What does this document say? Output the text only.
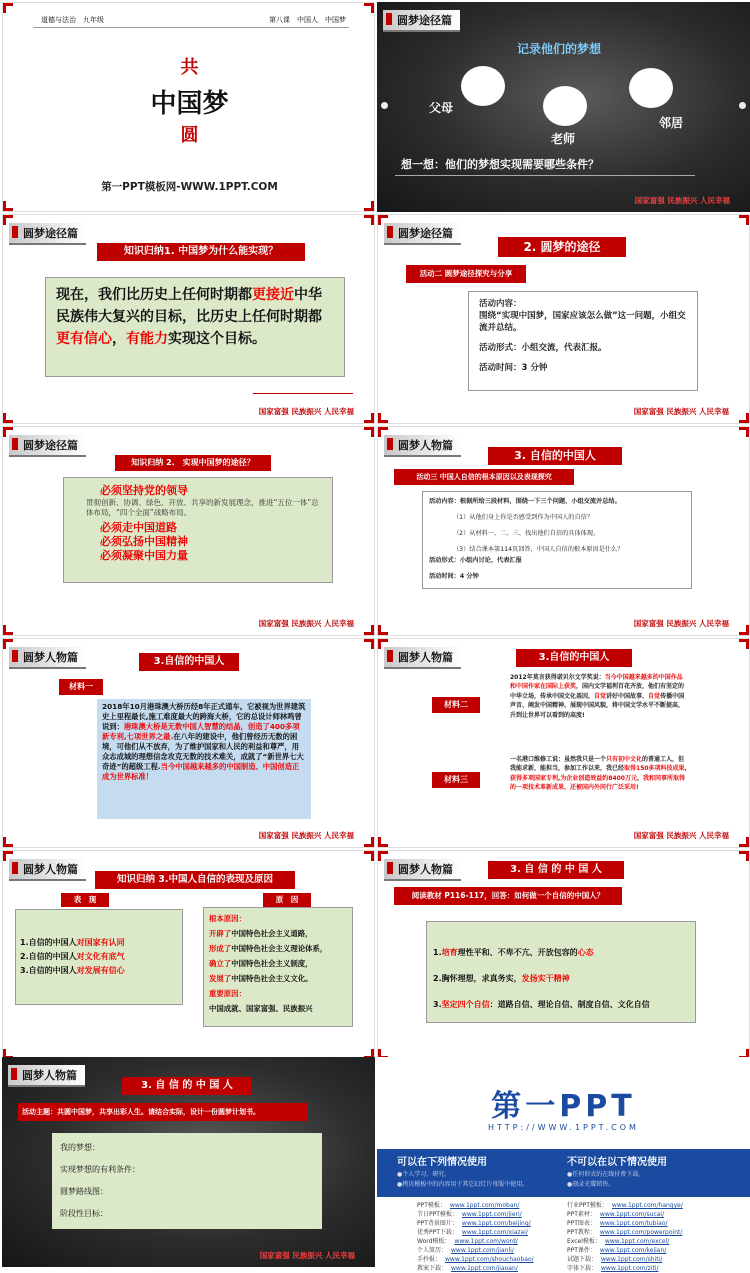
道德与法治　九年级	第八课　中国人　中国梦
共
中国梦
圆
第一PPT模板网-WWW.1PPT.COM
圆梦途径篇
记录他们的梦想
父母
老师
邻居
想一想：他们的梦想实现需要哪些条件？
国家富强 民族振兴 人民幸福
圆梦途径篇
知识归纳1. 中国梦为什么能实现？
现在，我们比历史上任何时期都更接近中华民族伟大复兴的目标，比历史上任何时期都更有信心，有能力实现这个目标。
国家富强 民族振兴 人民幸福
圆梦途径篇
2. 圆梦的途径
活动二 圆梦途径探究与分享
活动内容：
围绕“实现中国梦，国家应该怎么做”这一问题，小组交流并总结。
活动形式：小组交流，代表汇报。
活动时间：3 分钟
国家富强 民族振兴 人民幸福
圆梦途径篇
知识归纳 2.　实现中国梦的途径？
必须坚持党的领导
贯彻创新、协调、绿色、开放、共享的新发展理念，推进“五位一体”总体布局，“四个全面”战略布局。
必须走中国道路
必须弘扬中国精神
必须凝聚中国力量
国家富强 民族振兴 人民幸福
圆梦人物篇
3. 自信的中国人
活动三 中国人自信的根本原因以及表现探究
活动内容：根据所给三段材料，围绕一下三个问题，小组交流并总结。
（1）从他们身上你是否感受到作为中国人的自信？
（2）从材料一、二、三、找出他们自信的具体体现。
（3）结合课本第114页回答，中国人自信的根本原因是什么？
活动形式：小组内讨论，代表汇报
活动时间：4 分钟
国家富强 民族振兴 人民幸福
圆梦人物篇	3.自信的中国人
材料一
2018年10月港珠澳大桥历经8年正式通车。它被视为世界建筑史上里程最长,施工难度最大的跨海大桥，它的总设计师林鸣曾说到：港珠澳大桥是无数中国人智慧的结晶，创造了400多项新专利,七项世界之最.在八年的建设中，他们曾经历无数的困境，可他们从不放弃，为了维护国家和人民的利益和尊严，用众志成城的理想信念攻克无数的技术难关，成就了“新世界七大奇迹”的超级工程.当今中国越来越多的中国制造、中国创造正成为世界标准！
国家富强 民族振兴 人民幸福
圆梦人物篇	3.自信的中国人
材料二
材料三
2012年莫言获得诺贝尔文学奖说：当今中国越来越多的中国作品和中国作家在国际上获奖，国内文学福利百花齐放，他们有坚定的中华立场，传承中国文化基因，自觉讲好中国故事、自觉传播中国声音、阐发中国精神、展现中国风貌，将中国文学水平不断提高，升到让世界可以看到的高度!
一名港口维修工说：虽然我只是一个只有初中文化的普通工人，但我能求新，能担当，参加工作以来，我已经取得150多项科技成果,获得多项国家专利,为企业创造效益约8400万元，我和同事所取得的一项技术革新成果，还被国内外同行广泛采用!
国家富强 民族振兴 人民幸福
圆梦人物篇
知识归纳 3.中国人自信的表现及原因
表　现	原　因
1.自信的中国人对国家有认同
2.自信的中国人对文化有底气
3.自信的中国人对发展有信心
根本原因：
开辟了中国特色社会主义道路，
形成了中国特色社会主义理论体系，
确立了中国特色社会主义制度，
发展了中国特色社会主义文化。
重要原因：
中国成就、国家富强、民族振兴
圆梦人物篇	3. 自 信 的 中 国 人
阅读教材 P116-117，回答：如何做一个自信的中国人？
1.培育理性平和、不卑不亢、开放包容的心态
2.胸怀理想，求真务实，发扬实干精神
3.坚定四个自信：道路自信、理论自信、制度自信、文化自信
圆梦人物篇
3. 自 信 的 中 国 人
活动主题：共圆中国梦，共享出彩人生。请结合实际，设计一份圆梦计划书。
我的梦想：
实现梦想的有利条件：
圆梦路线图：
阶段性目标：
国家富强 民族振兴 人民幸福
第一PPT
HTTP://WWW.1PPT.COM
可以在下列情况使用
●个人学习、研究。
●拷贝模板中的内容用于其它幻灯片母版中使用。
不可以在以下情况使用
●任何形式的在线付费下载。
●刻录光碟销售。
PPT模板： www.1ppt.com/moban/
节日PPT模板： www.1ppt.com/jieri/
PPT背景图片： www.1ppt.com/beijing/
优秀PPT下载： www.1ppt.com/xiazai/
Word模板： www.1ppt.com/word/
个人简历： www.1ppt.com/jianli/
手抄报： www.1ppt.com/shouchaobao/
教案下载： www.1ppt.com/jiaoan/
行业PPT模板： www.1ppt.com/hangye/
PPT素材： www.1ppt.com/sucai/
PPT图表： www.1ppt.com/tubiao/
PPT教程： www.1ppt.com/powerpoint/
Excel模板： www.1ppt.com/excel/
PPT课件： www.1ppt.com/kejian/
试题下载： www.1ppt.com/shiti/
字体下载： www.1ppt.com/ziti/
